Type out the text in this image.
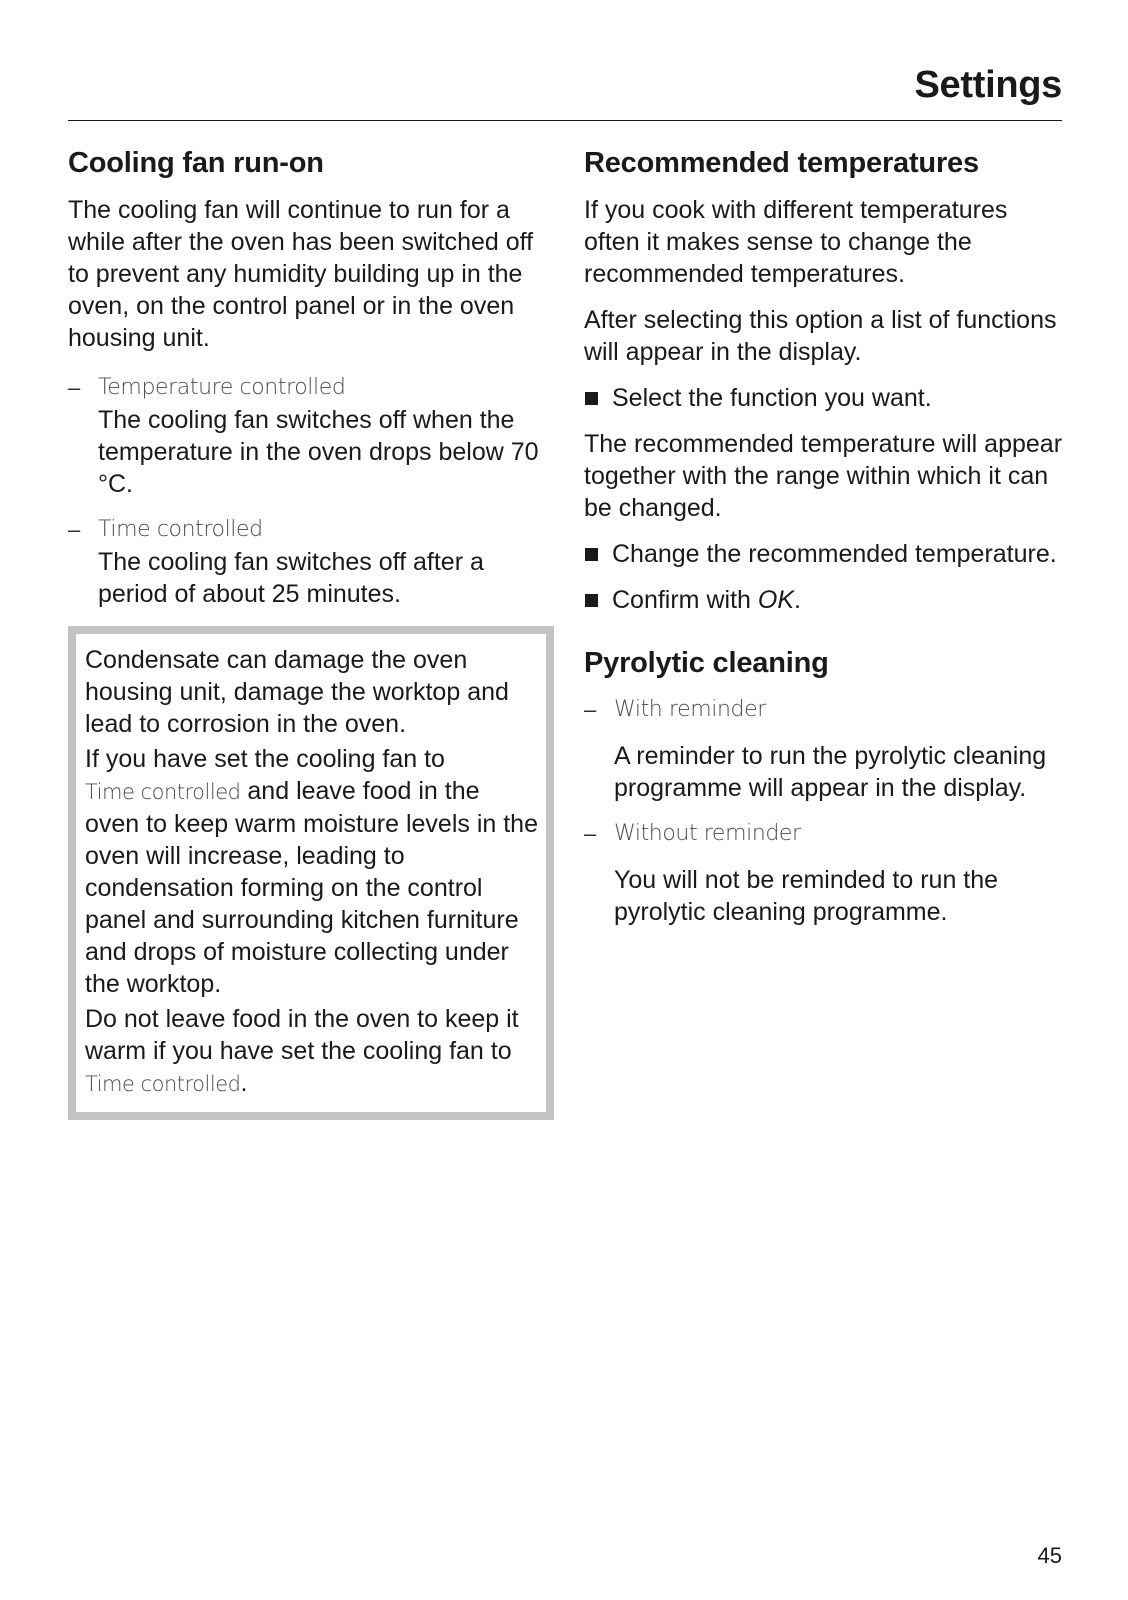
Settings
Cooling fan run-on

The cooling fan will continue to run for a while after the oven has been switched off to prevent any humidity building up in the oven, on the control panel or in the oven housing unit.

– Temperature controlled
The cooling fan switches off when the temperature in the oven drops below 70 °C.
– Time controlled
The cooling fan switches off after a period of about 25 minutes.

Condensate can damage the oven housing unit, damage the worktop and lead to corrosion in the oven.

If you have set the cooling fan to
Time controlled and leave food in the oven to keep warm moisture levels in the oven will increase, leading to condensation forming on the control panel and surrounding kitchen furniture and drops of moisture collecting under the worktop.

Do not leave food in the oven to keep it warm if you have set the cooling fan to Time controlled.

Recommended temperatures

If you cook with different temperatures often it makes sense to change the recommended temperatures.

After selecting this option a list of functions will appear in the display.

Select the function you want.

The recommended temperature will appear together with the range within which it can be changed.

Change the recommended temperature.

Confirm with OK.

Pyrolytic cleaning
– With reminder
A reminder to run the pyrolytic cleaning programme will appear in the display.
– Without reminder
You will not be reminded to run the pyrolytic cleaning programme.

45
